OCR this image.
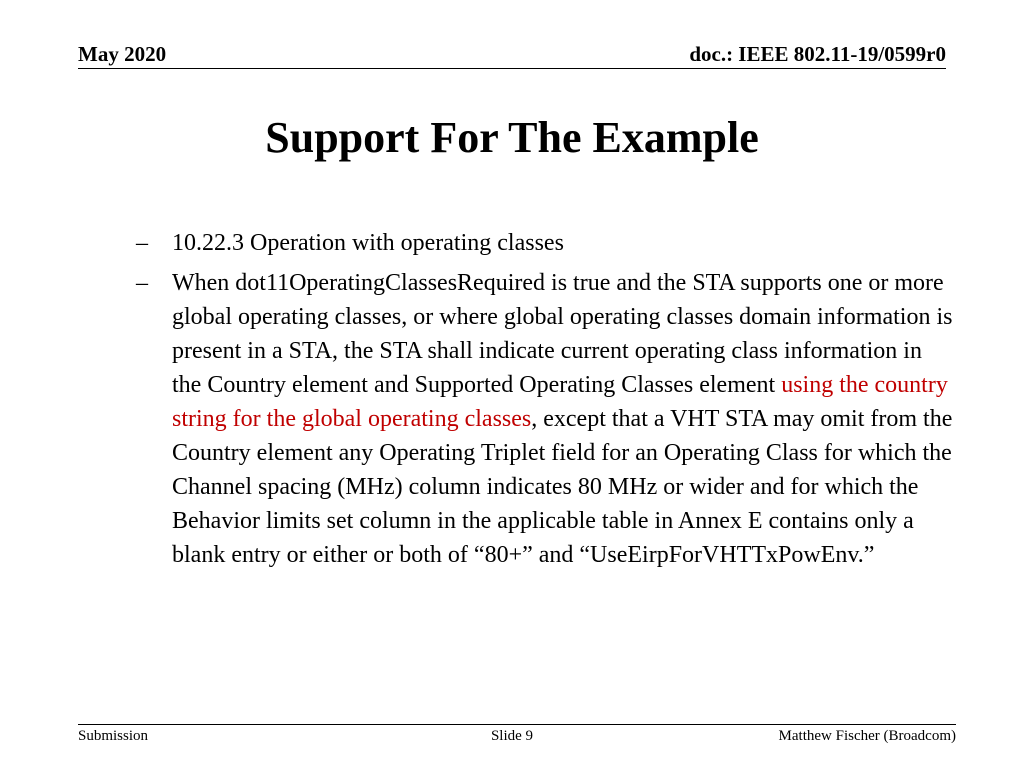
May 2020	doc.: IEEE 802.11-19/0599r0
Support For The Example
– 10.22.3 Operation with operating classes
– When dot11OperatingClassesRequired is true and the STA supports one or more global operating classes, or where global operating classes domain information is present in a STA, the STA shall indicate current operating class information in the Country element and Supported Operating Classes element using the country string for the global operating classes, except that a VHT STA may omit from the Country element any Operating Triplet field for an Operating Class for which the Channel spacing (MHz) column indicates 80 MHz or wider and for which the Behavior limits set column in the applicable table in Annex E contains only a blank entry or either or both of “80+” and “UseEirpForVHTTxPowEnv.”
Submission	Slide 9	Matthew Fischer (Broadcom)
